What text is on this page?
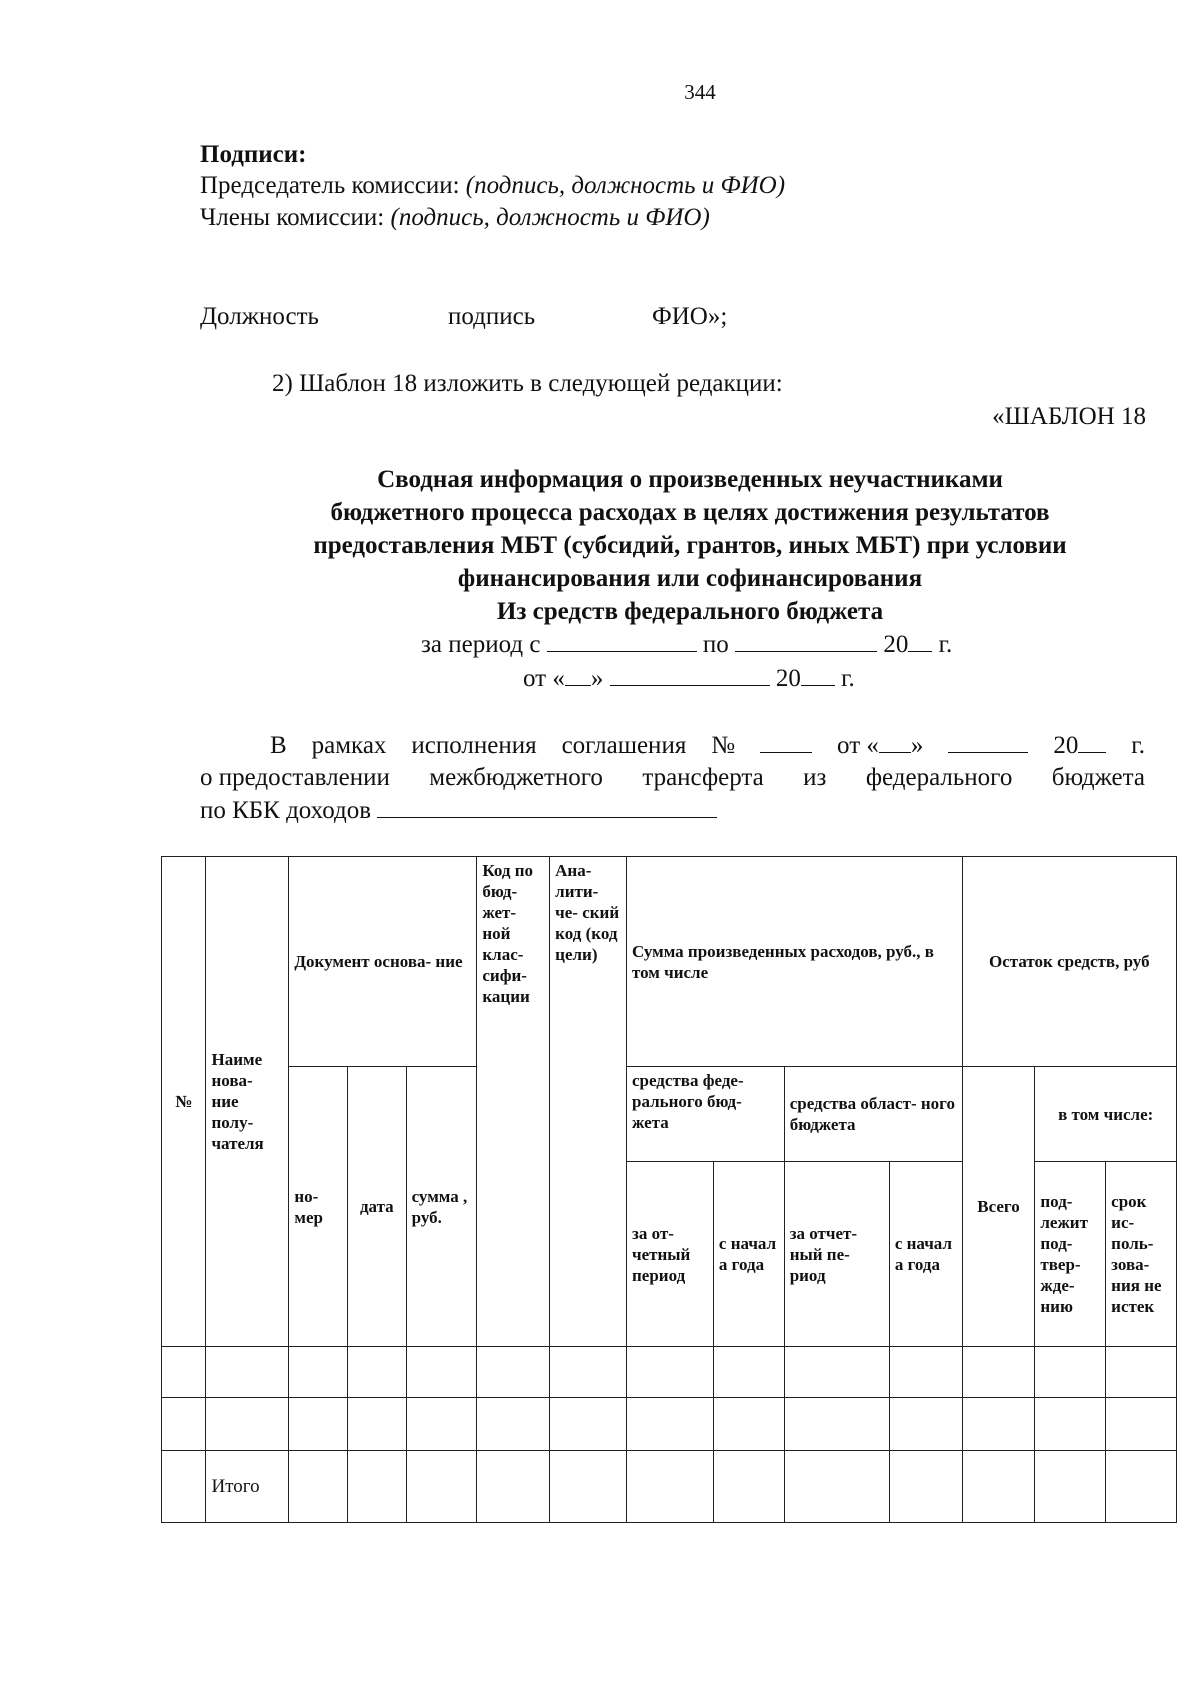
344
Подписи:
Председатель комиссии: (подпись, должность и ФИО)
Члены комиссии: (подпись, должность и ФИО)
Должность	подпись	ФИО»;
2) Шаблон 18 изложить в следующей редакции:
«ШАБЛОН 18
Сводная информация о произведенных неучастниками
бюджетного процесса расходах в целях достижения результатов
предоставления МБТ (субсидий, грантов, иных МБТ) при условии
финансирования или софинансирования
Из средств федерального бюджета
за период с	по	20 г.
от « »	20 г.
В рамках исполнения соглашения №	от « »	20	г.
о предоставлении межбюджетного трансферта из федерального бюджета
по КБК доходов
№	Наиме нова- ние полу- чателя	Документ основа- ние			Код по бюд- жет- ной клас- сифи- кации	Ана- лити- че- ский код (код цели)	Сумма произведенных расходов, руб., в том числе				Остаток средств, руб		
		но- мер	дата	сумма , руб.			средства феде- рального бюд- жета		средства област- ного бюджета		Всего	в том числе:	
							за от- четный период	с начал а года	за отчет- ный пе- риод	с начал а года		под- лежит под- твер- жде- нию	срок ис- поль- зова- ния не истек

	Итого												
